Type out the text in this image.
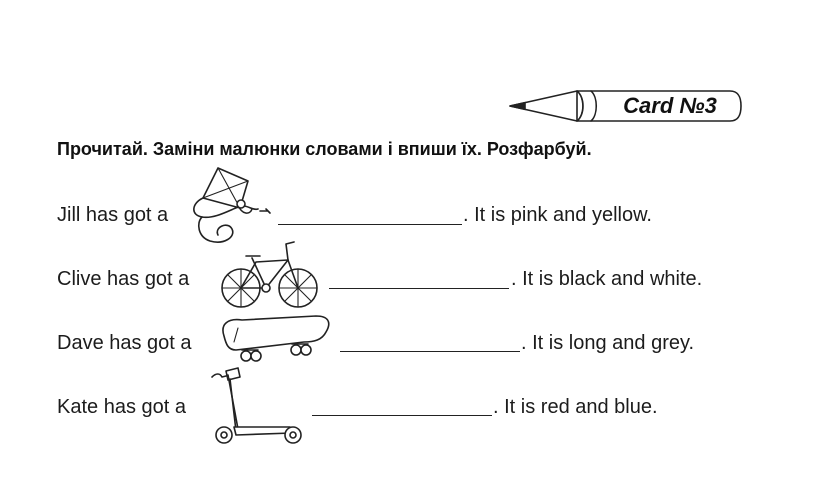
Card №3
Прочитай. Заміни малюнки словами і впиши їх. Розфарбуй.
Jill has got a	. It is pink and yellow.
Clive has got a	. It is black and white.
Dave has got a	. It is long and grey.
Kate has got a	. It is red and blue.
